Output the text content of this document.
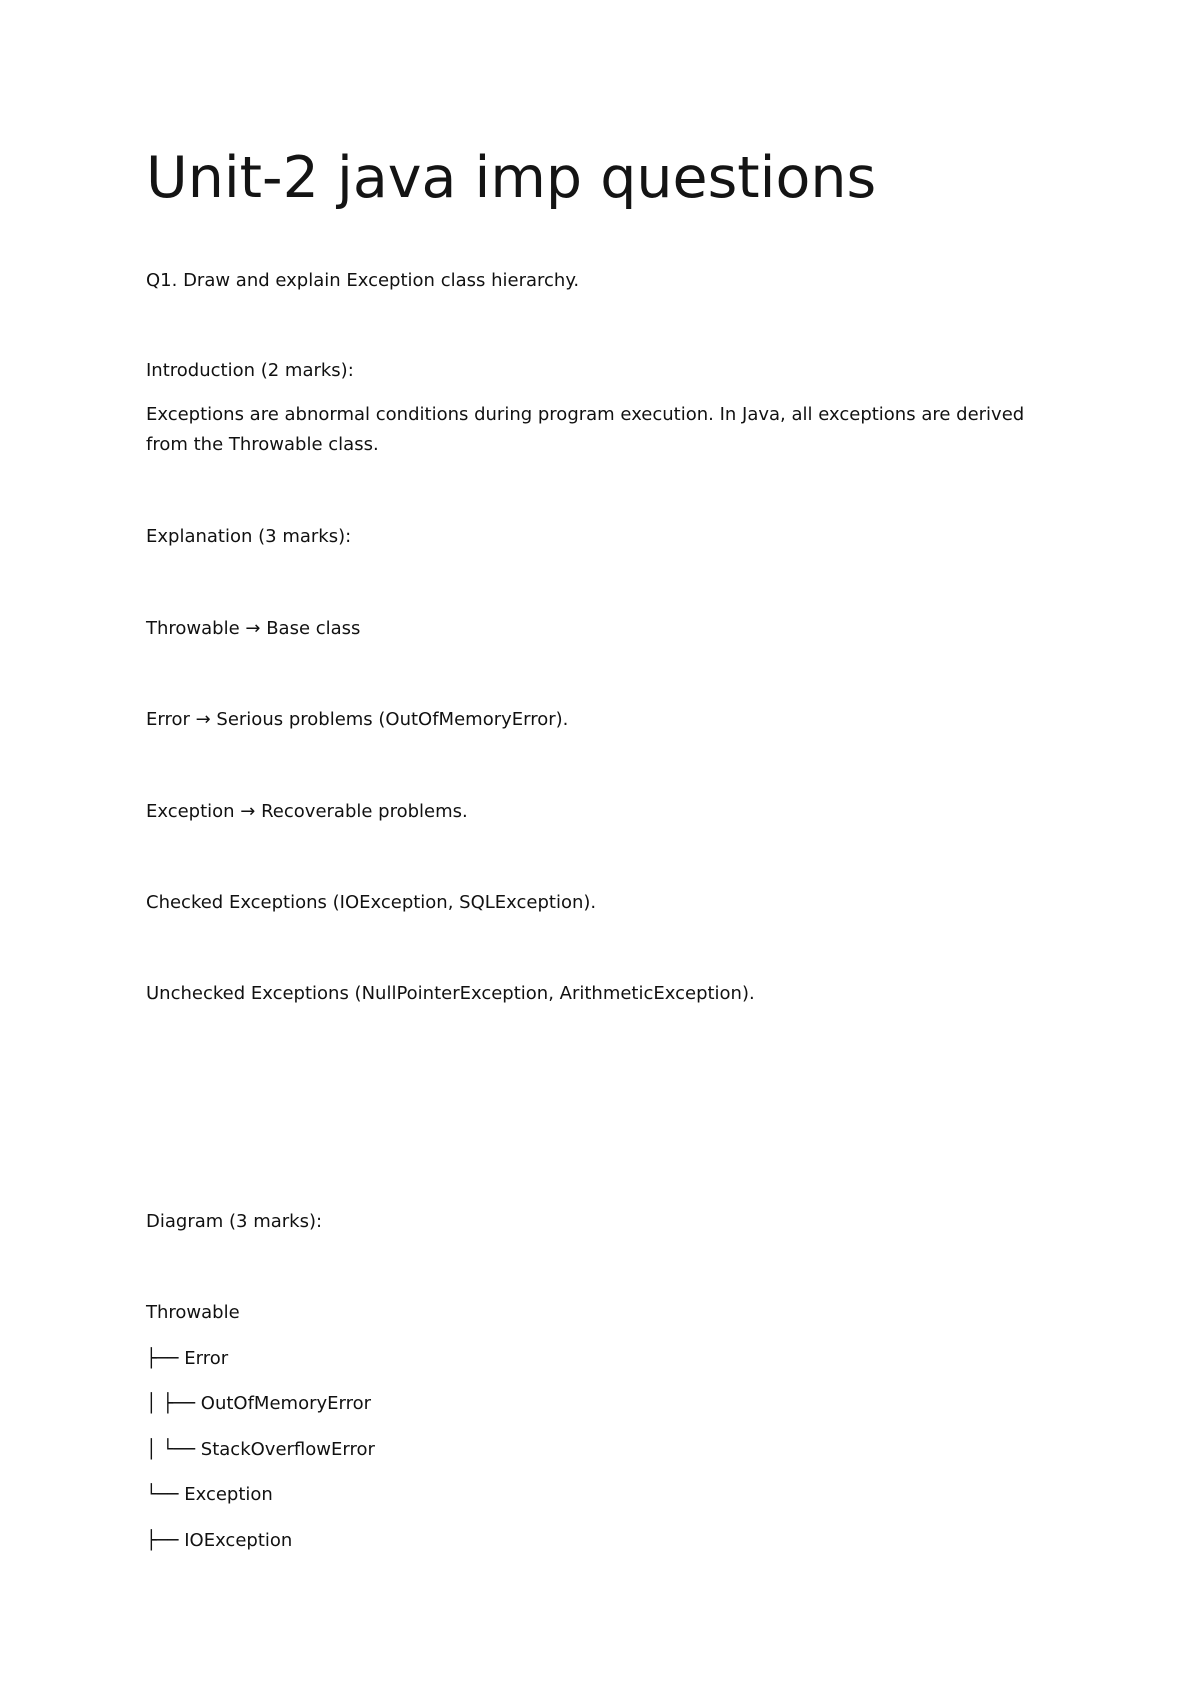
Unit-2 java imp questions
Q1. Draw and explain Exception class hierarchy.
Introduction (2 marks):
Exceptions are abnormal conditions during program execution. In Java, all exceptions are derived from the Throwable class.
Explanation (3 marks):
Throwable → Base class
Error → Serious problems (OutOfMemoryError).
Exception → Recoverable problems.
Checked Exceptions (IOException, SQLException).
Unchecked Exceptions (NullPointerException, ArithmeticException).
Diagram (3 marks):
Throwable
├── Error
│ ├── OutOfMemoryError
│ └── StackOverflowError
└── Exception
├── IOException
